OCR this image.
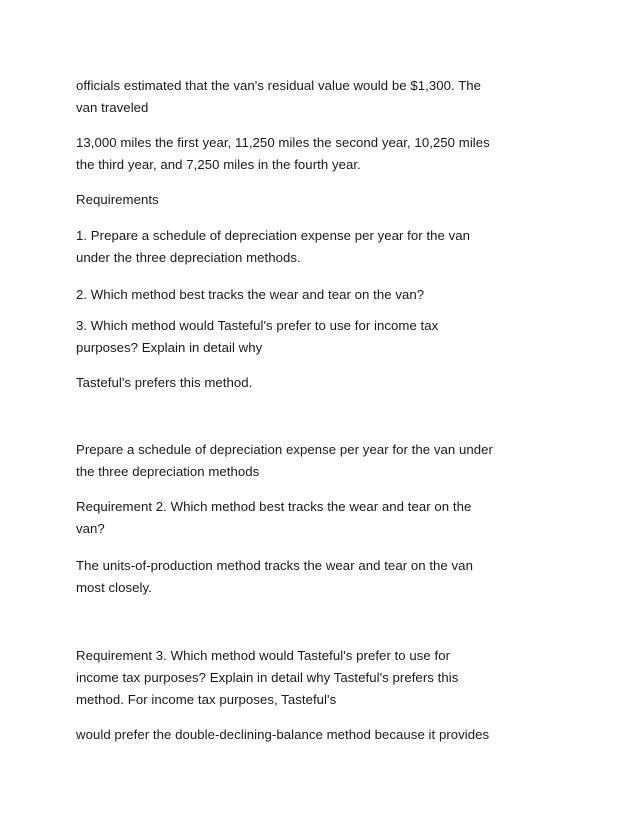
officials estimated that the van's residual value would be $1,300. The
van traveled

13,000 miles the first year, 11,250 miles the second year, 10,250 miles
the third year, and 7,250 miles in the fourth year.

Requirements

1. Prepare a schedule of depreciation expense per year for the van
under the three depreciation methods.

2. Which method best tracks the wear and tear on the van?

3. Which method would Tasteful's prefer to use for income tax
purposes? Explain in detail why

Tasteful's prefers this method.

Prepare a schedule of depreciation expense per year for the van under
the three depreciation methods

Requirement 2. Which method best tracks the wear and tear on the
van?

The units-of-production method tracks the wear and tear on the van
most closely.

Requirement 3. Which method would Tasteful's prefer to use for
income tax purposes? Explain in detail why Tasteful's prefers this
method. For income tax purposes, Tasteful's

would prefer the double-declining-balance method because it provides
